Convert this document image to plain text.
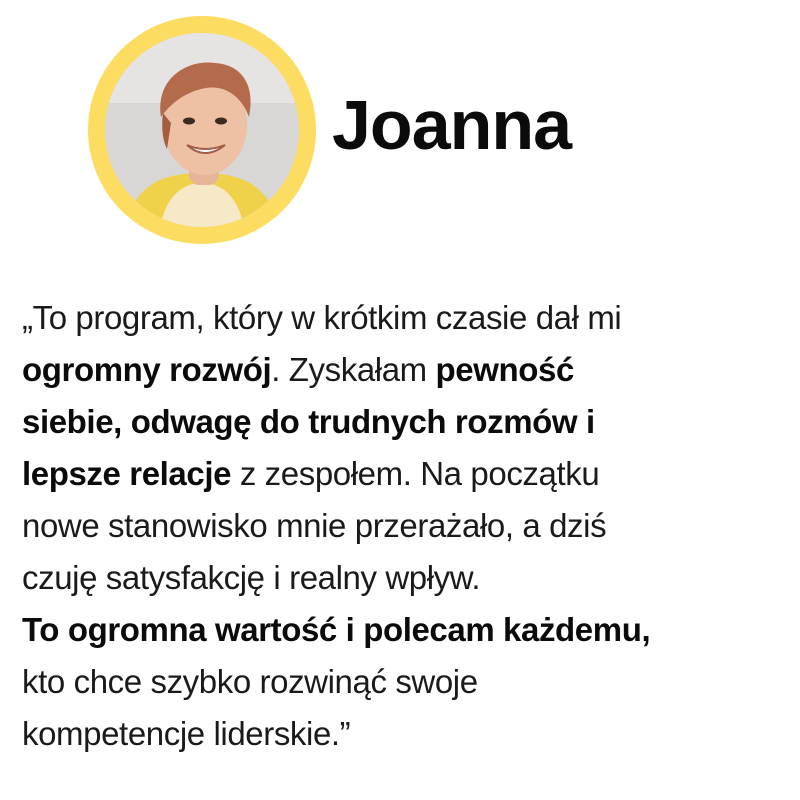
Joanna
„To program, który w krótkim czasie dał mi
ogromny rozwój. Zyskałam pewność
siebie, odwagę do trudnych rozmów i
lepsze relacje z zespołem. Na początku
nowe stanowisko mnie przerażało, a dziś
czuję satysfakcję i realny wpływ.
To ogromna wartość i polecam każdemu,
kto chce szybko rozwinąć swoje
kompetencje liderskie.”
